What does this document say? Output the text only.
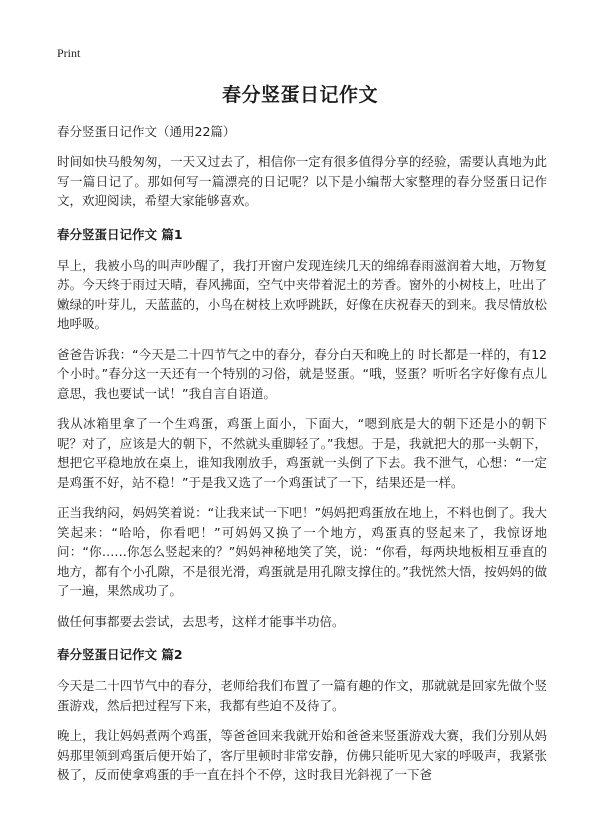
Print
春分竖蛋日记作文
春分竖蛋日记作文（通用22篇）

时间如快马般匆匆，一天又过去了，相信你一定有很多值得分享的经验，需要认真地为此写一篇日记了。那如何写一篇漂亮的日记呢？以下是小编帮大家整理的春分竖蛋日记作文，欢迎阅读，希望大家能够喜欢。

春分竖蛋日记作文 篇1

早上，我被小鸟的叫声吵醒了，我打开窗户发现连续几天的绵绵春雨滋润着大地，万物复苏。今天终于雨过天晴，春风拂面，空气中夹带着泥土的芳香。窗外的小树枝上，吐出了嫩绿的叶芽儿，天蓝蓝的，小鸟在树枝上欢呼跳跃，好像在庆祝春天的到来。我尽情放松地呼吸。

爸爸告诉我：“今天是二十四节气之中的春分，春分白天和晚上的 时长都是一样的，有12个小时。”春分这一天还有一个特别的习俗，就是竖蛋。“哦，竖蛋？听听名字好像有点儿意思，我也要试一试！”我自言自语道。

我从冰箱里拿了一个生鸡蛋，鸡蛋上面小，下面大，“嗯到底是大的朝下还是小的朝下呢？对了，应该是大的朝下，不然就头重脚轻了。”我想。于是，我就把大的那一头朝下，想把它平稳地放在桌上，谁知我刚放手，鸡蛋就一头倒了下去。我不泄气，心想：“一定是鸡蛋不好，站不稳！”于是我又选了一个鸡蛋试了一下，结果还是一样。

正当我纳闷，妈妈笑着说：“让我来试一下吧！”妈妈把鸡蛋放在地上，不料也倒了。我大笑起来：“哈哈，你看吧！”可妈妈又换了一个地方，鸡蛋真的竖起来了，我惊讶地问：“你……你怎么竖起来的？”妈妈神秘地笑了笑，说：“你看，每两块地板相互垂直的地方，都有个小孔隙，不是很光滑，鸡蛋就是用孔隙支撑住的。”我恍然大悟，按妈妈的做了一遍，果然成功了。

做任何事都要去尝试，去思考，这样才能事半功倍。

春分竖蛋日记作文 篇2

今天是二十四节气中的春分，老师给我们布置了一篇有趣的作文，那就就是回家先做个竖蛋游戏，然后把过程写下来，我都有些迫不及待了。

晚上，我让妈妈煮两个鸡蛋，等爸爸回来我就开始和爸爸来竖蛋游戏大赛，我们分别从妈妈那里领到鸡蛋后便开始了，客厅里顿时非常安静，仿佛只能听见大家的呼吸声，我紧张极了，反而使拿鸡蛋的手一直在抖个不停，这时我目光斜视了一下爸
